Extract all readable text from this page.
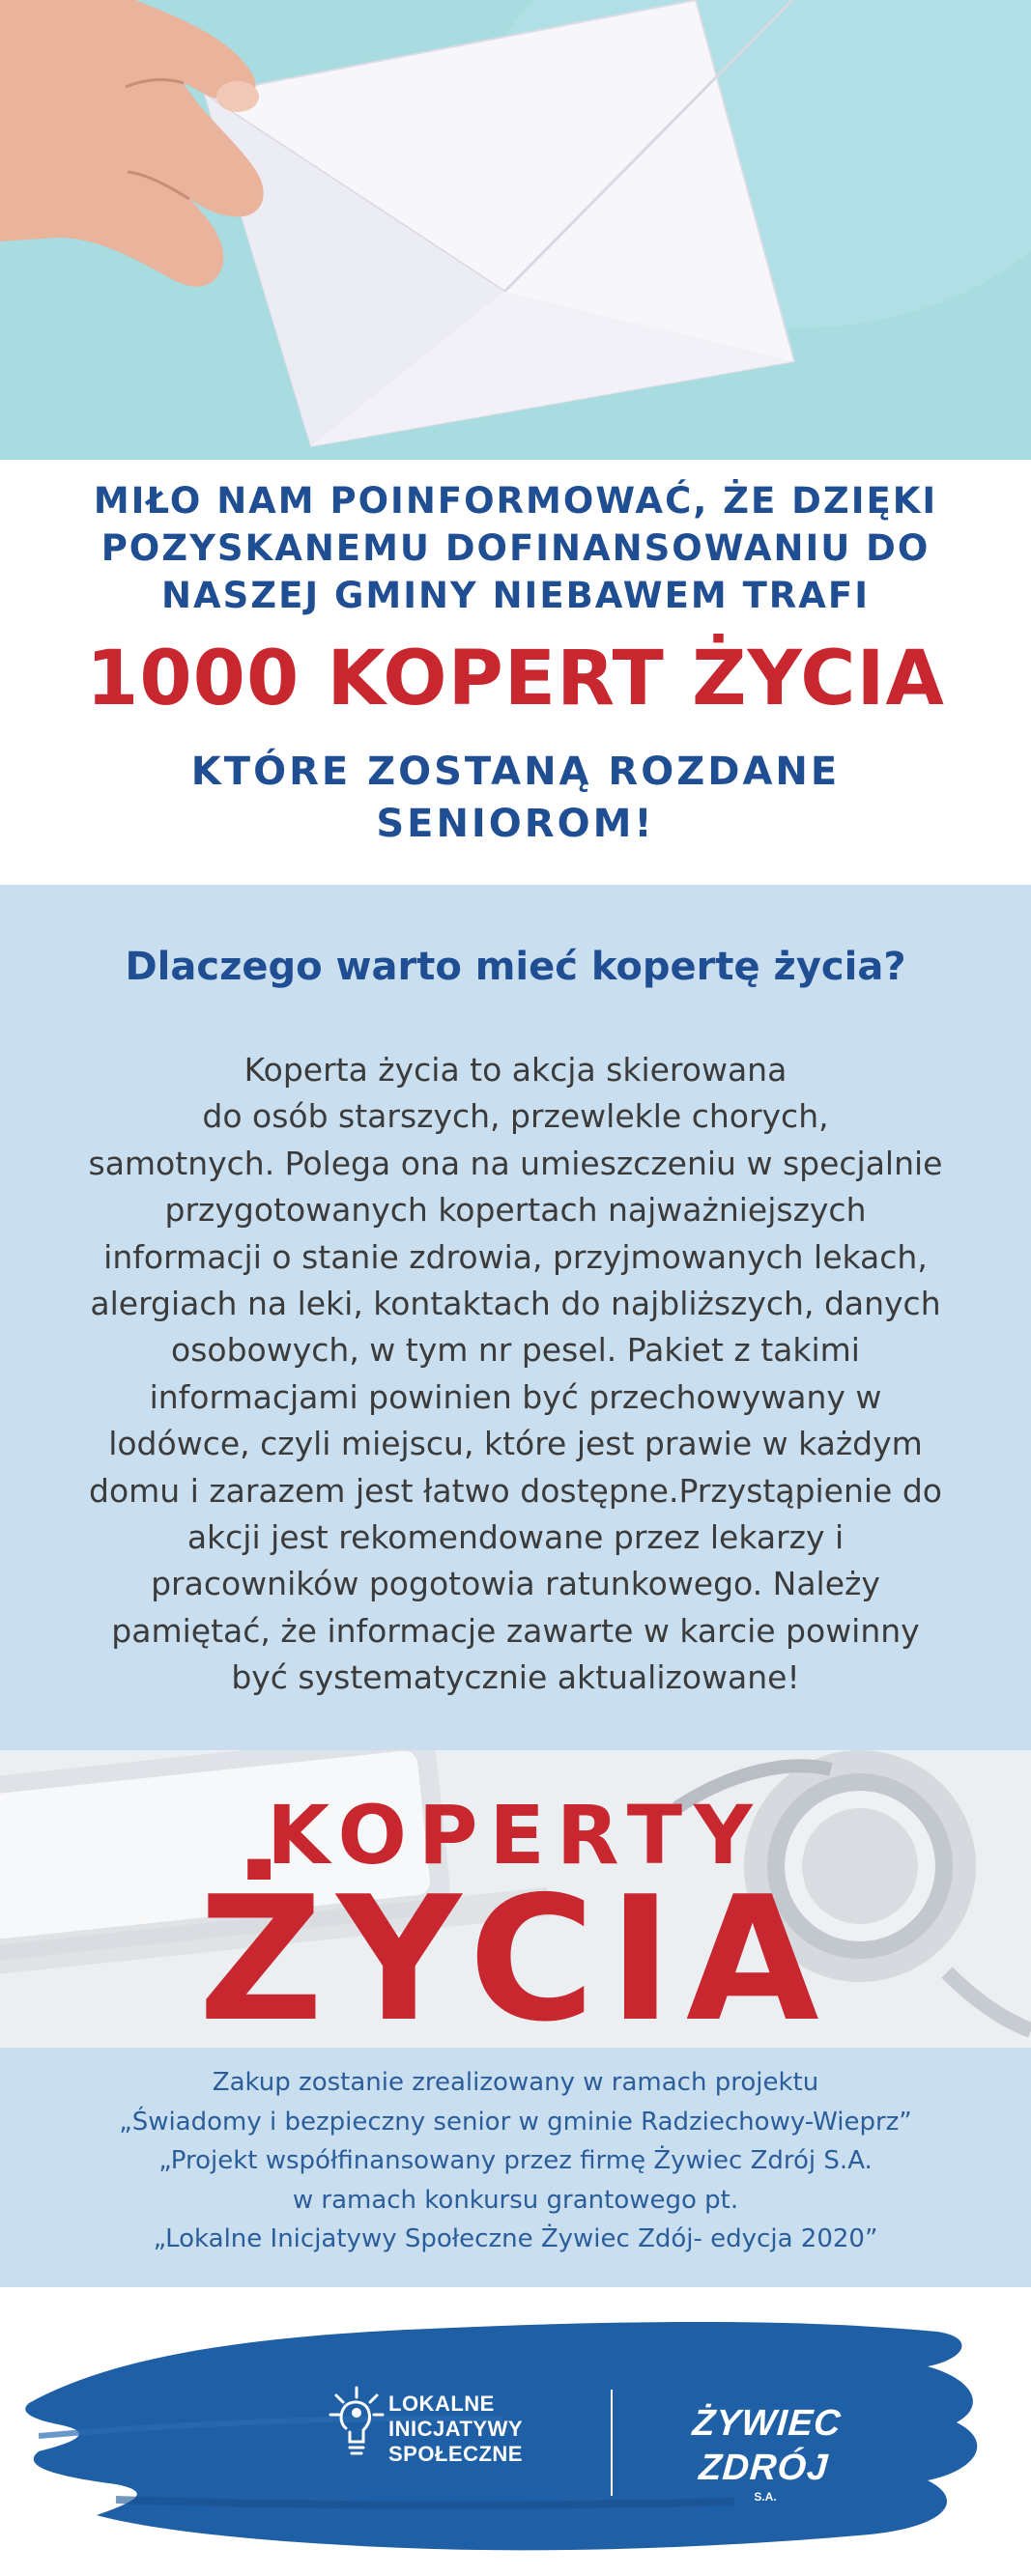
MIŁO NAM POINFORMOWAĆ, ŻE DZIĘKI
POZYSKANEMU DOFINANSOWANIU DO
NASZEJ GMINY NIEBAWEM TRAFI
1000 KOPERT ŻYCIA
KTÓRE ZOSTANĄ ROZDANE
SENIOROM!
Dlaczego warto mieć kopertę życia?
Koperta życia to akcja skierowana
do osób starszych, przewlekle chorych,
samotnych. Polega ona na umieszczeniu w specjalnie
przygotowanych kopertach najważniejszych
informacji o stanie zdrowia, przyjmowanych lekach,
alergiach na leki, kontaktach do najbliższych, danych
osobowych, w tym nr pesel. Pakiet z takimi
informacjami powinien być przechowywany w
lodówce, czyli miejscu, które jest prawie w każdym
domu i zarazem jest łatwo dostępne.Przystąpienie do
akcji jest rekomendowane przez lekarzy i
pracowników pogotowia ratunkowego. Należy
pamiętać, że informacje zawarte w karcie powinny
być systematycznie aktualizowane!
KOPERTY
ŻYCIA
Zakup zostanie zrealizowany w ramach projektu
„Świadomy i bezpieczny senior w gminie Radziechowy-Wieprz”
„Projekt współfinansowany przez firmę Żywiec Zdrój S.A.
w ramach konkursu grantowego pt.
„Lokalne Inicjatywy Społeczne Żywiec Zdój- edycja 2020”
LOKALNE
INICJATYWY
SPOŁECZNE
ŻYWIEC ZDRÓJ
S.A.
